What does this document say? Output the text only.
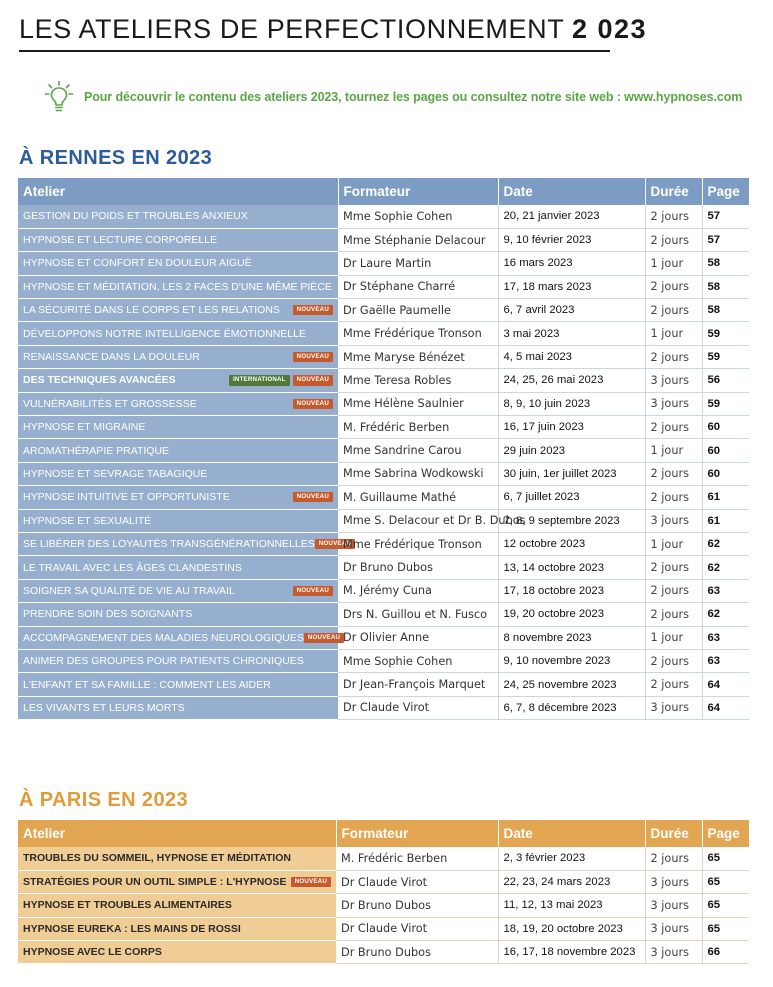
LES ATELIERS DE PERFECTIONNEMENT 2 023
Pour découvrir le contenu des ateliers 2023, tournez les pages ou consultez notre site web : www.hypnoses.com
À RENNES EN 2023
Atelier	Formateur	Date	Durée	Page

GESTION DU POIDS ET TROUBLES ANXIEUX	Mme Sophie Cohen	20, 21 janvier 2023	2 jours	57

HYPNOSE ET LECTURE CORPORELLE	Mme Stéphanie Delacour	9, 10 février 2023	2 jours	57

HYPNOSE ET CONFORT EN DOULEUR AIGUË	Dr Laure Martin	16 mars 2023	1 jour	58

HYPNOSE ET MÉDITATION, LES 2 FACES D'UNE MÊME PIÈCE	Dr Stéphane Charré	17, 18 mars 2023	2 jours	58

LA SÉCURITÉ DANS LE CORPS ET LES RELATIONS NOUVEAU	Dr Gaëlle Paumelle	6, 7 avril 2023	2 jours	58

DÉVELOPPONS NOTRE INTELLIGENCE ÉMOTIONNELLE	Mme Frédérique Tronson	3 mai 2023	1 jour	59

RENAISSANCE DANS LA DOULEUR NOUVEAU	Mme Maryse Bénézet	4, 5 mai 2023	2 jours	59

DES TECHNIQUES AVANCÉES INTERNATIONAL NOUVEAU	Mme Teresa Robles	24, 25, 26 mai 2023	3 jours	56

VULNÉRABILITÉS ET GROSSESSE NOUVEAU	Mme Hélène Saulnier	8, 9, 10 juin 2023	3 jours	59

HYPNOSE ET MIGRAINE	M. Frédéric Berben	16, 17 juin 2023	2 jours	60

AROMATHÉRAPIE PRATIQUE	Mme Sandrine Carou	29 juin 2023	1 jour	60

HYPNOSE ET SEVRAGE TABAGIQUE	Mme Sabrina Wodkowski	30 juin, 1er juillet 2023	2 jours	60

HYPNOSE INTUITIVE ET OPPORTUNISTE NOUVEAU	M. Guillaume Mathé	6, 7 juillet 2023	2 jours	61

HYPNOSE ET SEXUALITÉ	Mme S. Delacour et Dr B. Dubos	7, 8, 9 septembre 2023	3 jours	61

SE LIBÉRER DES LOYAUTÉS TRANSGÉNÉRATIONNELLES NOUVEAU	Mme Frédérique Tronson	12 octobre 2023	1 jour	62

LE TRAVAIL AVEC LES ÂGES CLANDESTINS	Dr Bruno Dubos	13, 14 octobre 2023	2 jours	62

SOIGNER SA QUALITÉ DE VIE AU TRAVAIL NOUVEAU	M. Jérémy Cuna	17, 18 octobre 2023	2 jours	63

PRENDRE SOIN DES SOIGNANTS	Drs N. Guillou et N. Fusco	19, 20 octobre 2023	2 jours	62

ACCOMPAGNEMENT DES MALADIES NEUROLOGIQUES NOUVEAU	Dr Olivier Anne	8 novembre 2023	1 jour	63

ANIMER DES GROUPES POUR PATIENTS CHRONIQUES	Mme Sophie Cohen	9, 10 novembre 2023	2 jours	63

L'ENFANT ET SA FAMILLE : COMMENT LES AIDER	Dr Jean-François Marquet	24, 25 novembre 2023	2 jours	64

LES VIVANTS ET LEURS MORTS	Dr Claude Virot	6, 7, 8 décembre 2023	3 jours	64
À PARIS EN 2023
Atelier	Formateur	Date	Durée	Page

TROUBLES DU SOMMEIL, HYPNOSE ET MÉDITATION	M. Frédéric Berben	2, 3 février 2023	2 jours	65

STRATÉGIES POUR UN OUTIL SIMPLE : L'HYPNOSE NOUVEAU	Dr Claude Virot	22, 23, 24 mars 2023	3 jours	65

HYPNOSE ET TROUBLES ALIMENTAIRES	Dr Bruno Dubos	11, 12, 13 mai 2023	3 jours	65

HYPNOSE EUREKA : LES MAINS DE ROSSI	Dr Claude Virot	18, 19, 20 octobre 2023	3 jours	65

HYPNOSE AVEC LE CORPS	Dr Bruno Dubos	16, 17, 18 novembre 2023	3 jours	66
